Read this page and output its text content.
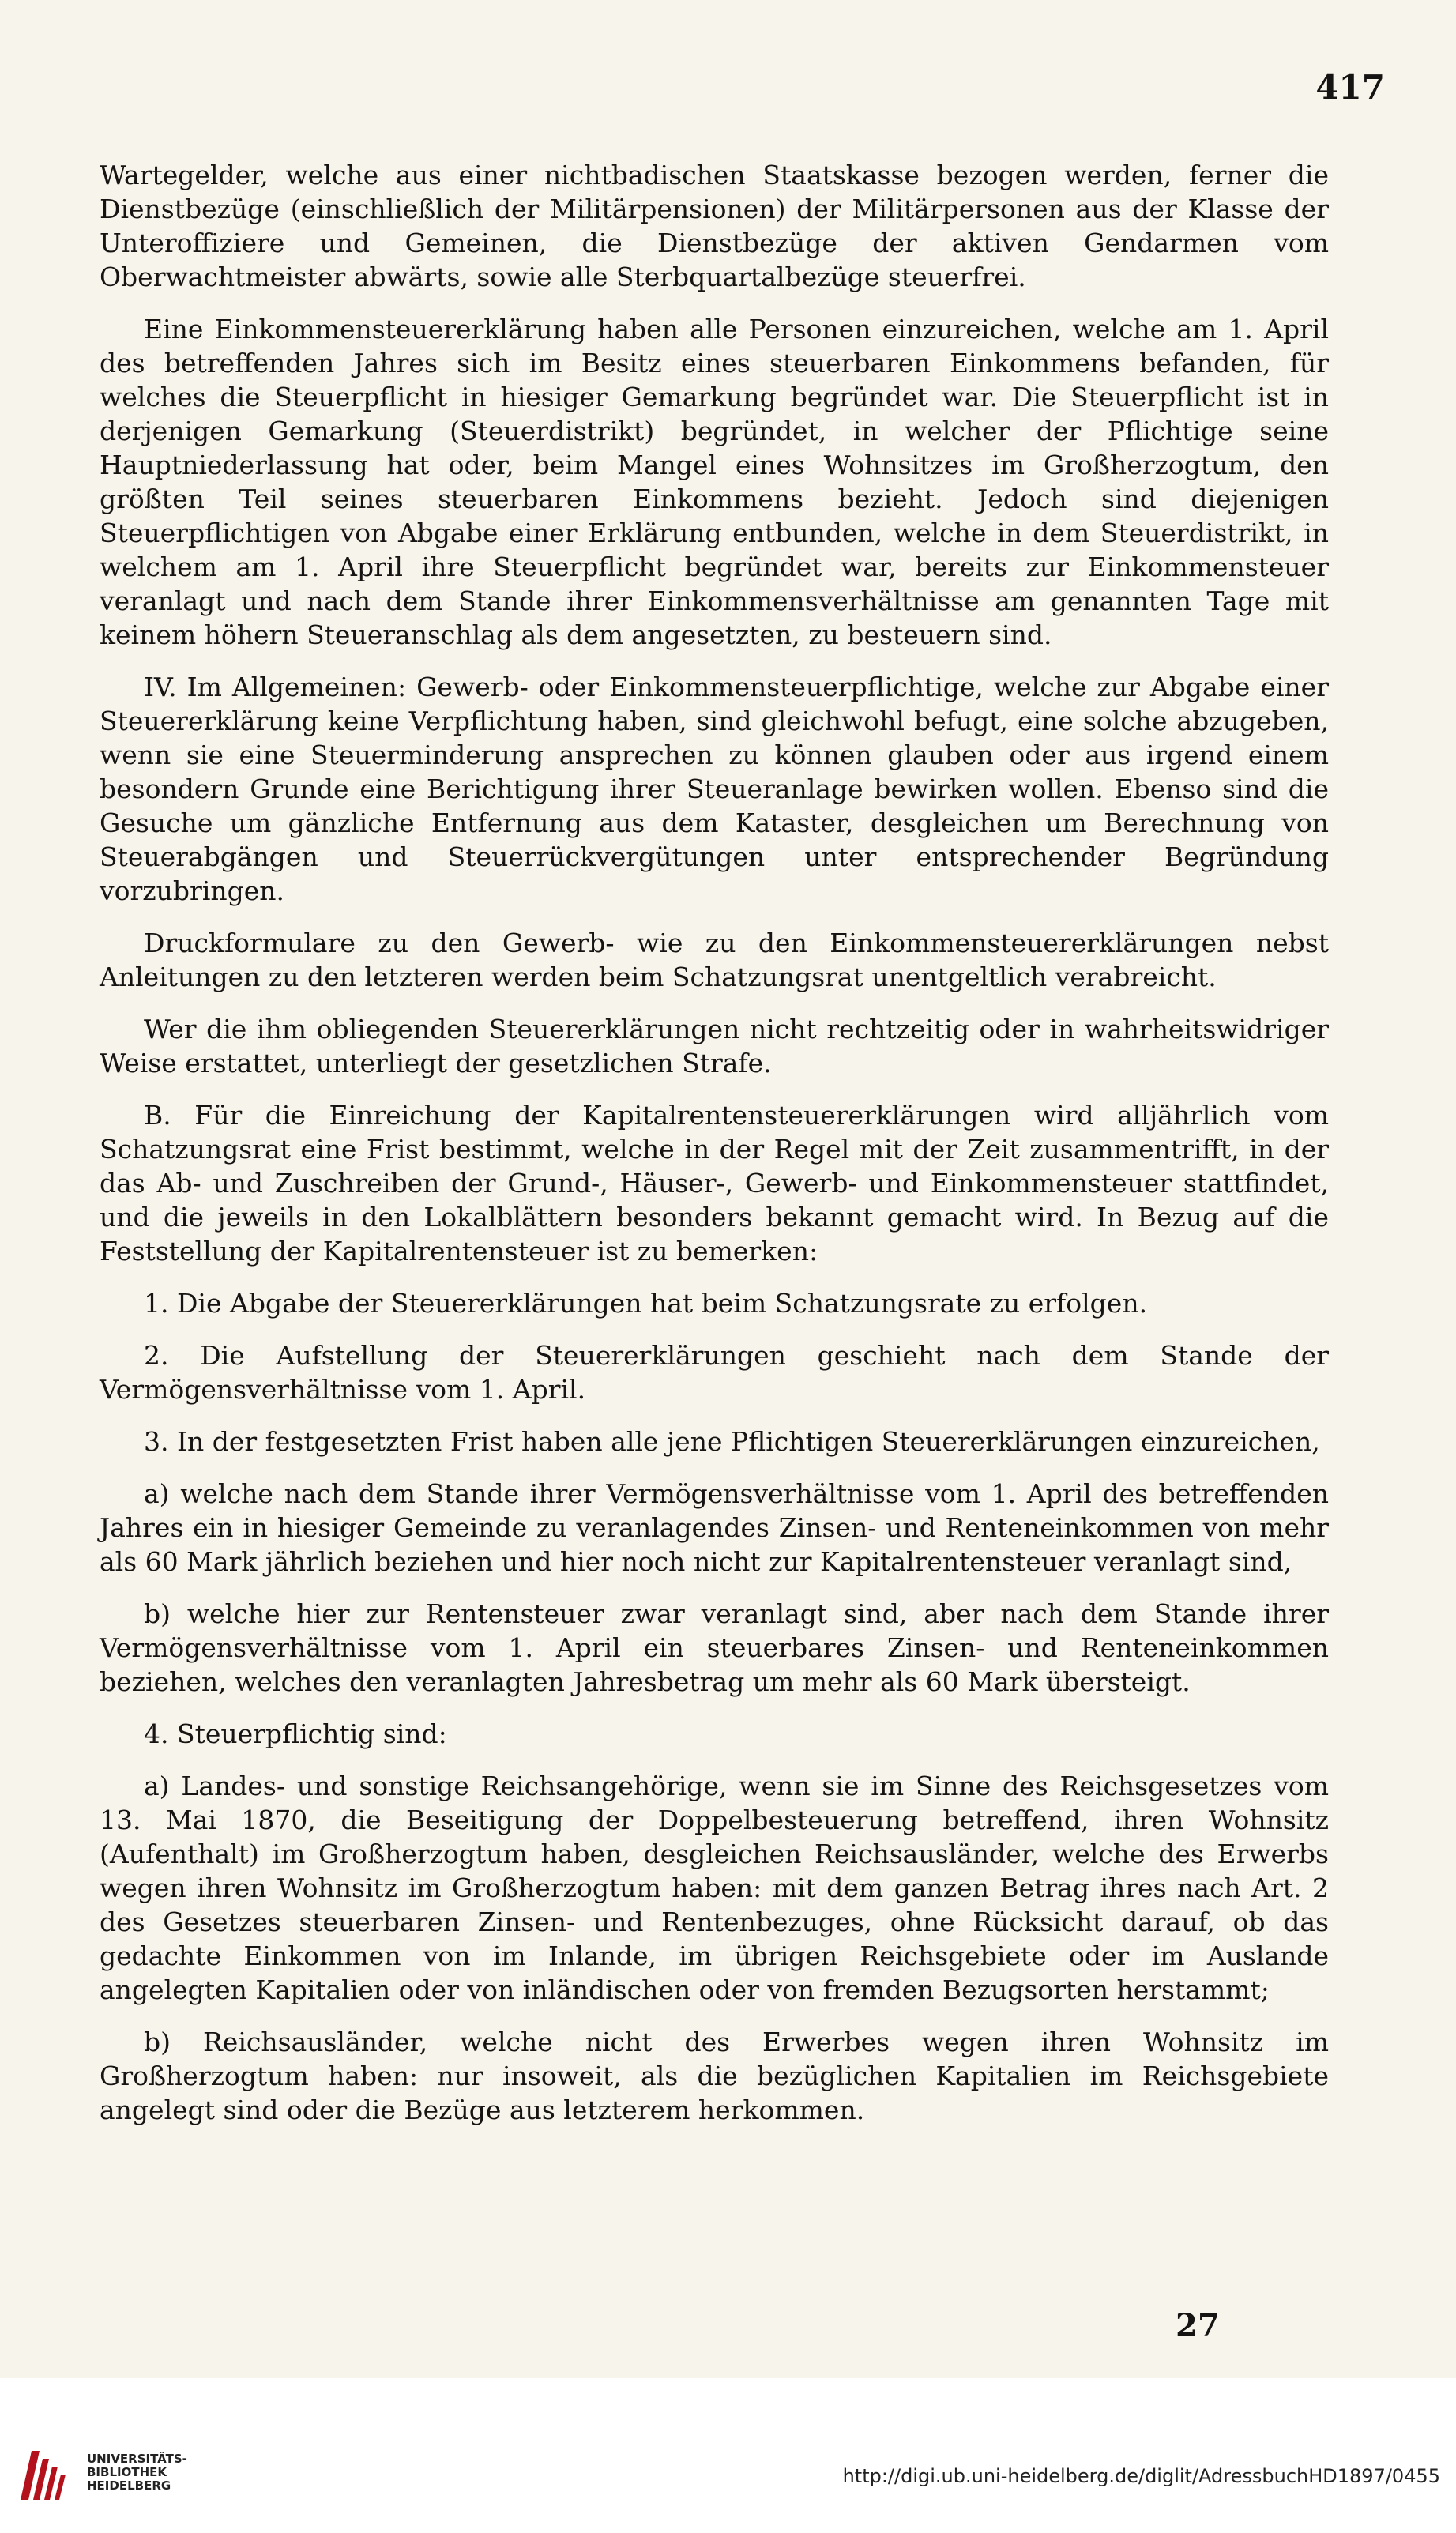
417

Wartegelder, welche aus einer nichtbadischen Staatskasse bezogen werden, ferner die Dienstbezüge (einschließlich der Militärpensionen) der Militärpersonen aus der Klasse der Unteroffiziere und Gemeinen, die Dienstbezüge der aktiven Gendarmen vom Oberwachtmeister abwärts, sowie alle Sterbquartalbezüge steuerfrei.

Eine Einkommensteuererklärung haben alle Personen einzureichen, welche am 1. April des betreffenden Jahres sich im Besitz eines steuerbaren Einkommens befanden, für welches die Steuerpflicht in hiesiger Gemarkung begründet war. Die Steuerpflicht ist in derjenigen Gemarkung (Steuerdistrikt) begründet, in welcher der Pflichtige seine Hauptniederlassung hat oder, beim Mangel eines Wohnsitzes im Großherzogtum, den größten Teil seines steuerbaren Einkommens bezieht. Jedoch sind diejenigen Steuerpflichtigen von Abgabe einer Erklärung entbunden, welche in dem Steuerdistrikt, in welchem am 1. April ihre Steuerpflicht begründet war, bereits zur Einkommensteuer veranlagt und nach dem Stande ihrer Einkommensverhältnisse am genannten Tage mit keinem höhern Steueranschlag als dem angesetzten, zu besteuern sind.

IV. Im Allgemeinen: Gewerb- oder Einkommensteuerpflichtige, welche zur Abgabe einer Steuererklärung keine Verpflichtung haben, sind gleichwohl befugt, eine solche abzugeben, wenn sie eine Steuerminderung ansprechen zu können glauben oder aus irgend einem besondern Grunde eine Berichtigung ihrer Steueranlage bewirken wollen. Ebenso sind die Gesuche um gänzliche Entfernung aus dem Kataster, desgleichen um Berechnung von Steuerabgängen und Steuerrückvergütungen unter entsprechender Begründung vorzubringen.

Druckformulare zu den Gewerb- wie zu den Einkommensteuererklärungen nebst Anleitungen zu den letzteren werden beim Schatzungsrat unentgeltlich verabreicht.

Wer die ihm obliegenden Steuererklärungen nicht rechtzeitig oder in wahrheitswidriger Weise erstattet, unterliegt der gesetzlichen Strafe.

B. Für die Einreichung der Kapitalrentensteuererklärungen wird alljährlich vom Schatzungsrat eine Frist bestimmt, welche in der Regel mit der Zeit zusammentrifft, in der das Ab- und Zuschreiben der Grund-, Häuser-, Gewerb- und Einkommensteuer stattfindet, und die jeweils in den Lokalblättern besonders bekannt gemacht wird. In Bezug auf die Feststellung der Kapitalrentensteuer ist zu bemerken:

1. Die Abgabe der Steuererklärungen hat beim Schatzungsrate zu erfolgen.

2. Die Aufstellung der Steuererklärungen geschieht nach dem Stande der Vermögensverhältnisse vom 1. April.

3. In der festgesetzten Frist haben alle jene Pflichtigen Steuererklärungen einzureichen,

a) welche nach dem Stande ihrer Vermögensverhältnisse vom 1. April des betreffenden Jahres ein in hiesiger Gemeinde zu veranlagendes Zinsen- und Renteneinkommen von mehr als 60 Mark jährlich beziehen und hier noch nicht zur Kapitalrentensteuer veranlagt sind,

b) welche hier zur Rentensteuer zwar veranlagt sind, aber nach dem Stande ihrer Vermögensverhältnisse vom 1. April ein steuerbares Zinsen- und Renteneinkommen beziehen, welches den veranlagten Jahresbetrag um mehr als 60 Mark übersteigt.

4. Steuerpflichtig sind:

a) Landes- und sonstige Reichsangehörige, wenn sie im Sinne des Reichsgesetzes vom 13. Mai 1870, die Beseitigung der Doppelbesteuerung betreffend, ihren Wohnsitz (Aufenthalt) im Großherzogtum haben, desgleichen Reichsausländer, welche des Erwerbs wegen ihren Wohnsitz im Großherzogtum haben: mit dem ganzen Betrag ihres nach Art. 2 des Gesetzes steuerbaren Zinsen- und Rentenbezuges, ohne Rücksicht darauf, ob das gedachte Einkommen von im Inlande, im übrigen Reichsgebiete oder im Auslande angelegten Kapitalien oder von inländischen oder von fremden Bezugsorten herstammt;

b) Reichsausländer, welche nicht des Erwerbes wegen ihren Wohnsitz im Großherzogtum haben: nur insoweit, als die bezüglichen Kapitalien im Reichsgebiete angelegt sind oder die Bezüge aus letzterem herkommen.

27
UNIVERSITÄTS-
BIBLIOTHEK
HEIDELBERG	http://digi.ub.uni-heidelberg.de/diglit/AdressbuchHD1897/0455
